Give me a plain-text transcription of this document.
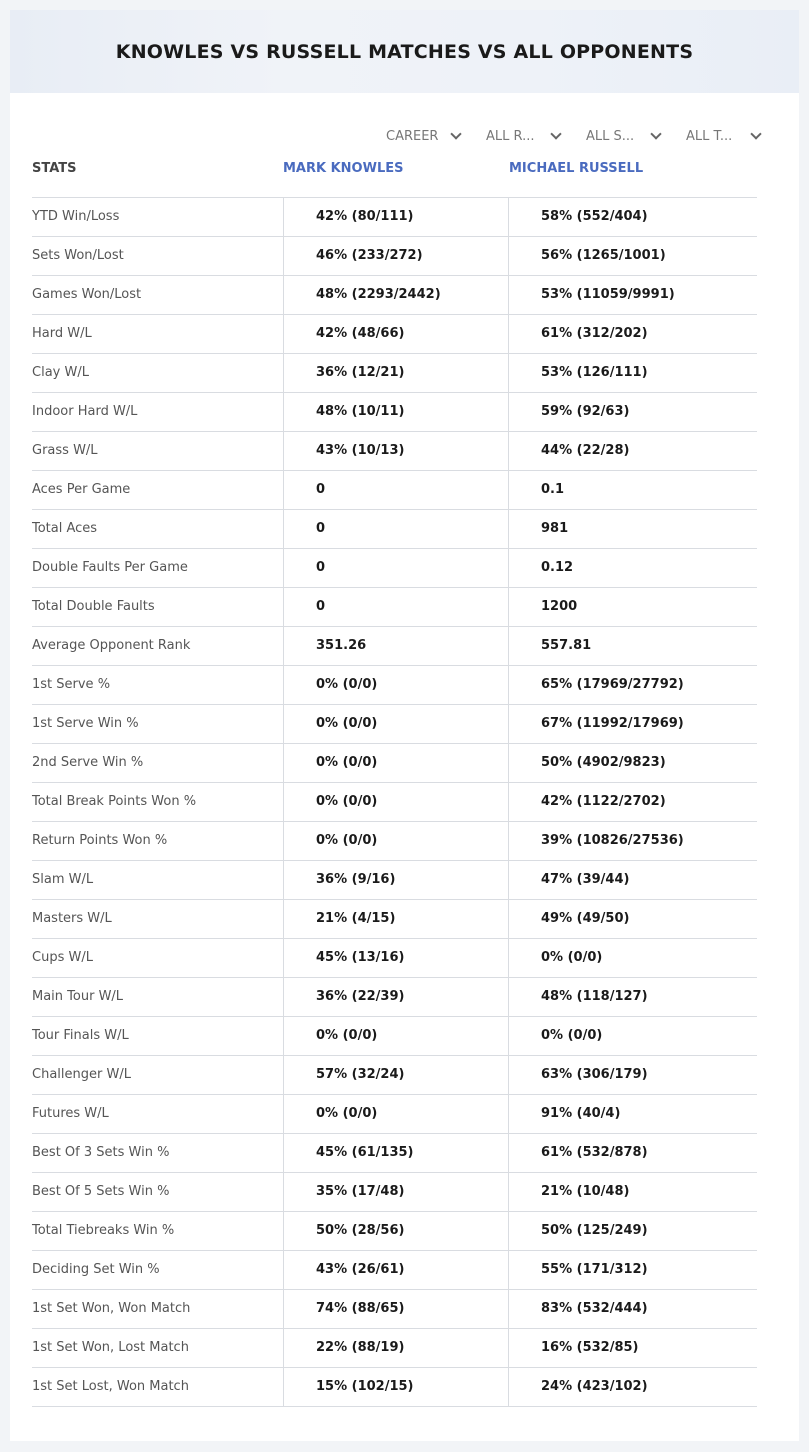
KNOWLES VS RUSSELL MATCHES VS ALL OPPONENTS
CAREER	ALL R...	ALL S...	ALL T...
STATS	MARK KNOWLES	MICHAEL RUSSELL
YTD Win/Loss	42% (80/111)	58% (552/404)
Sets Won/Lost	46% (233/272)	56% (1265/1001)
Games Won/Lost	48% (2293/2442)	53% (11059/9991)
Hard W/L	42% (48/66)	61% (312/202)
Clay W/L	36% (12/21)	53% (126/111)
Indoor Hard W/L	48% (10/11)	59% (92/63)
Grass W/L	43% (10/13)	44% (22/28)
Aces Per Game	0	0.1
Total Aces	0	981
Double Faults Per Game	0	0.12
Total Double Faults	0	1200
Average Opponent Rank	351.26	557.81
1st Serve %	0% (0/0)	65% (17969/27792)
1st Serve Win %	0% (0/0)	67% (11992/17969)
2nd Serve Win %	0% (0/0)	50% (4902/9823)
Total Break Points Won %	0% (0/0)	42% (1122/2702)
Return Points Won %	0% (0/0)	39% (10826/27536)
Slam W/L	36% (9/16)	47% (39/44)
Masters W/L	21% (4/15)	49% (49/50)
Cups W/L	45% (13/16)	0% (0/0)
Main Tour W/L	36% (22/39)	48% (118/127)
Tour Finals W/L	0% (0/0)	0% (0/0)
Challenger W/L	57% (32/24)	63% (306/179)
Futures W/L	0% (0/0)	91% (40/4)
Best Of 3 Sets Win %	45% (61/135)	61% (532/878)
Best Of 5 Sets Win %	35% (17/48)	21% (10/48)
Total Tiebreaks Win %	50% (28/56)	50% (125/249)
Deciding Set Win %	43% (26/61)	55% (171/312)
1st Set Won, Won Match	74% (88/65)	83% (532/444)
1st Set Won, Lost Match	22% (88/19)	16% (532/85)
1st Set Lost, Won Match	15% (102/15)	24% (423/102)
